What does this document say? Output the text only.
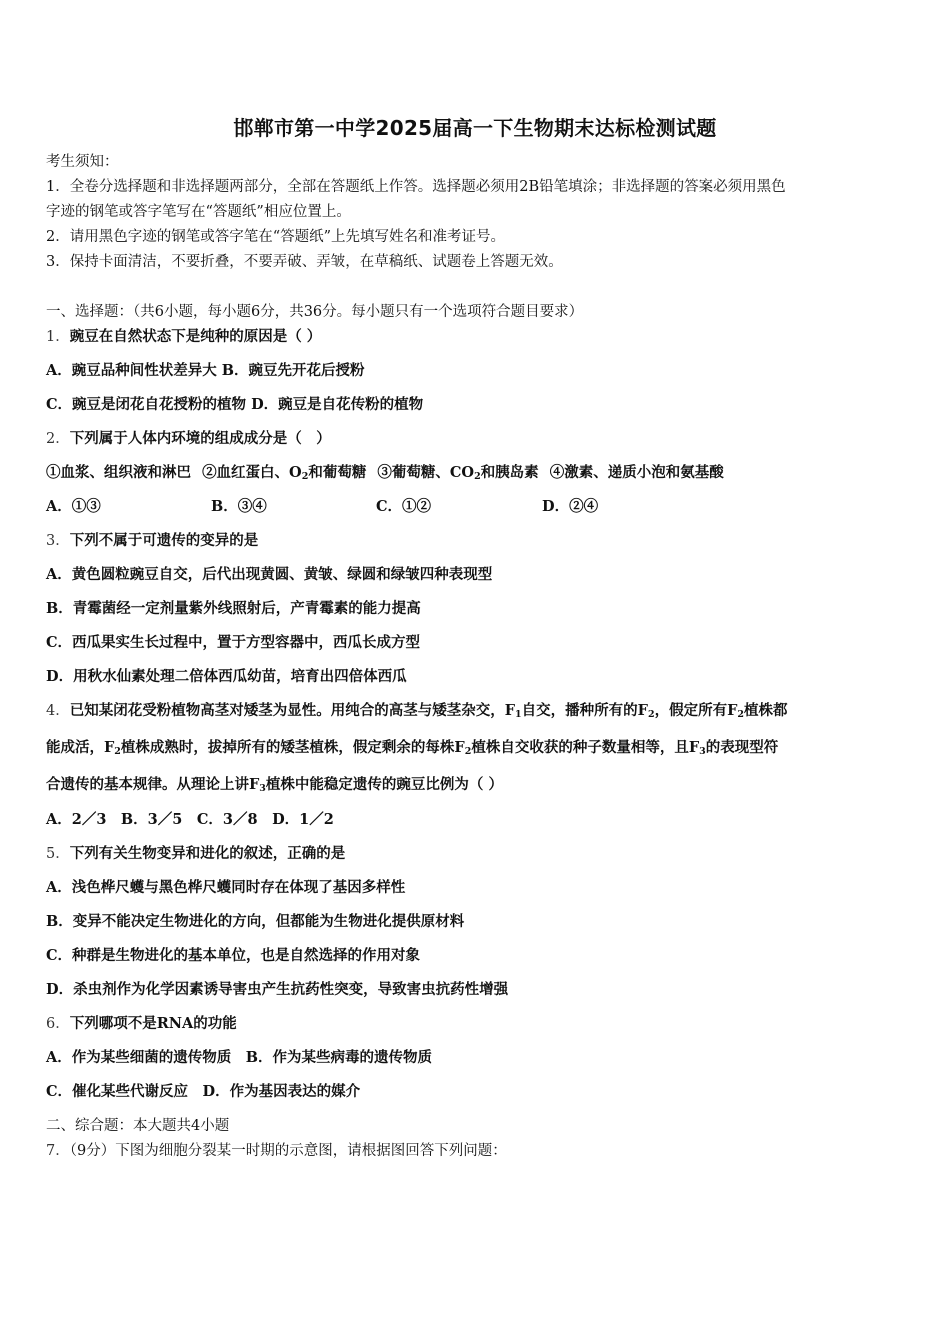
邯郸市第一中学2025届高一下生物期末达标检测试题
考生须知：
1．全卷分选择题和非选择题两部分，全部在答题纸上作答。选择题必须用2B铅笔填涂；非选择题的答案必须用黑色
字迹的钢笔或答字笔写在“答题纸”相应位置上。
2．请用黑色字迹的钢笔或答字笔在“答题纸”上先填写姓名和准考证号。
3．保持卡面清洁，不要折叠，不要弄破、弄皱，在草稿纸、试题卷上答题无效。
一、选择题：（共6小题，每小题6分，共36分。每小题只有一个选项符合题目要求）
1．豌豆在自然状态下是纯种的原因是（ ）
A．豌豆品种间性状差异大 B．豌豆先开花后授粉
C．豌豆是闭花自花授粉的植物 D．豌豆是自花传粉的植物
2．下列属于人体内环境的组成成分是（　）
①血浆、组织液和淋巴 ②血红蛋白、$O_2$和葡萄糖 ③葡萄糖、$CO_2$和胰岛素 ④激素、递质小泡和氨基酸
A．①③	B．③④	C．①②	D．②④
3．下列不属于可遗传的变异的是
A．黄色圆粒豌豆自交，后代出现黄圆、黄皱、绿圆和绿皱四种表现型
B．青霉菌经一定剂量紫外线照射后，产青霉素的能力提高
C．西瓜果实生长过程中，置于方型容器中，西瓜长成方型
D．用秋水仙素处理二倍体西瓜幼苗，培育出四倍体西瓜
4．已知某闭花受粉植物高茎对矮茎为显性。用纯合的高茎与矮茎杂交，$F_1$自交，播种所有的$F_2$，假定所有$F_2$植株都
能成活，$F_2$植株成熟时，拔掉所有的矮茎植株，假定剩余的每株$F_2$植株自交收获的种子数量相等，且$F_3$的表现型符
合遗传的基本规律。从理论上讲$F_3$植株中能稳定遗传的豌豆比例为（ ）
A．2／3　B．3／5　C．3／8　D．1／2
5．下列有关生物变异和进化的叙述，正确的是
A．浅色桦尺蠖与黑色桦尺蠖同时存在体现了基因多样性
B．变异不能决定生物进化的方向，但都能为生物进化提供原材料
C．种群是生物进化的基本单位，也是自然选择的作用对象
D．杀虫剂作为化学因素诱导害虫产生抗药性突变，导致害虫抗药性增强
6．下列哪项不是RNA的功能
A．作为某些细菌的遗传物质　B．作为某些病毒的遗传物质
C．催化某些代谢反应　D．作为基因表达的媒介
二、综合题：本大题共4小题
7．（9分）下图为细胞分裂某一时期的示意图，请根据图回答下列问题：
